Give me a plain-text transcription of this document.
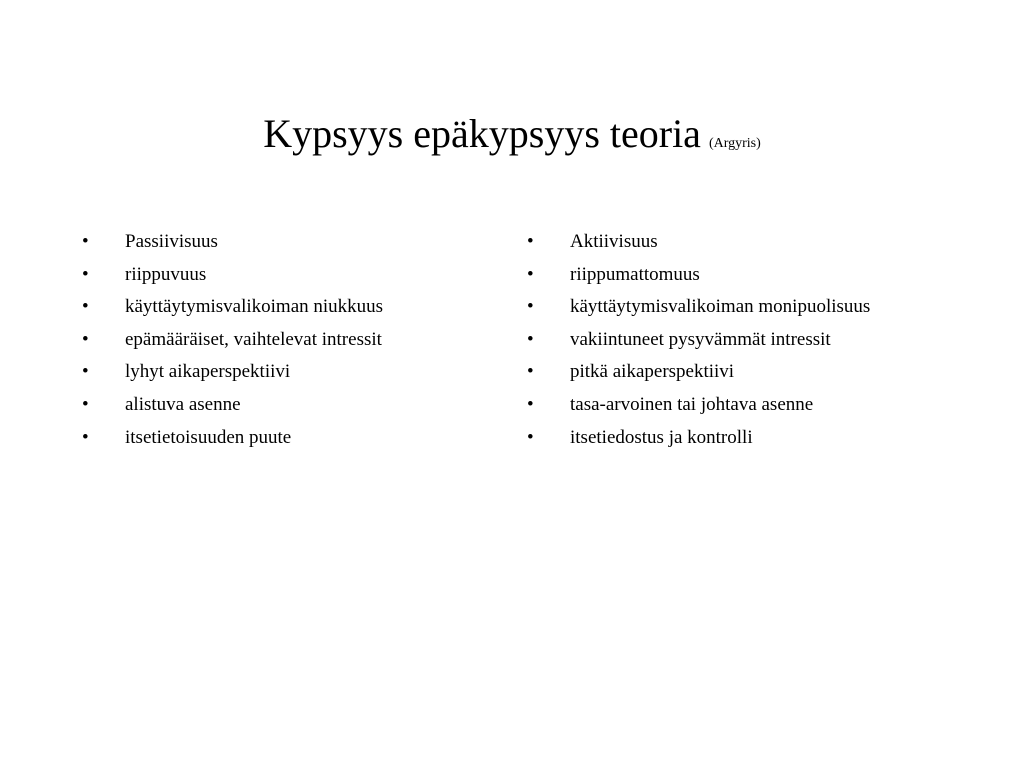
Kypsyys epäkypsyys teoria (Argyris)
•	Passiivisuus
•	riippuvuus
•	käyttäytymisvalikoiman niukkuus
•	epämääräiset, vaihtelevat intressit
•	lyhyt aikaperspektiivi
•	alistuva asenne
•	itsetietoisuuden puute
•	Aktiivisuus
•	riippumattomuus
•	käyttäytymisvalikoiman monipuolisuus
•	vakiintuneet pysyvämmät intressit
•	pitkä aikaperspektiivi
•	tasa-arvoinen tai johtava asenne
•	itsetiedostus ja kontrolli
